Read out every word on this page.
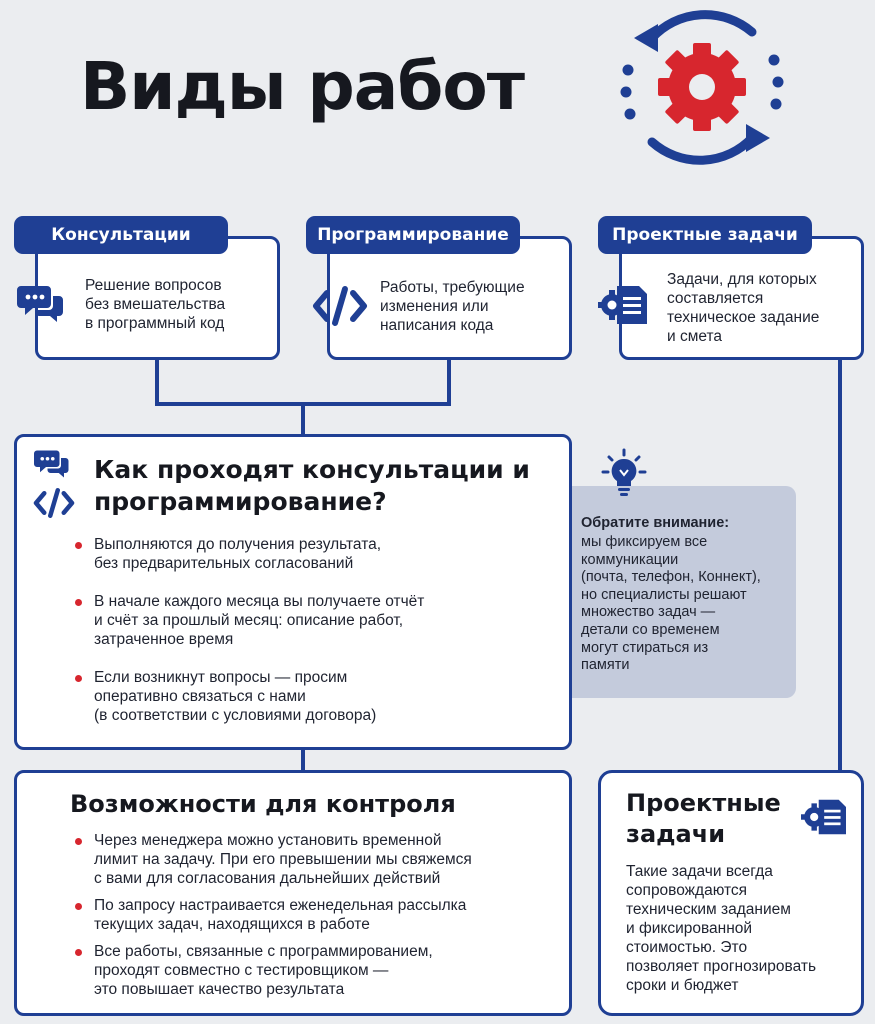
Виды работ
Решение вопросов
без вмешательства
в программный код
Консультации
Работы, требующие
изменения или
написания кода
Программирование
Задачи, для которых
составляется
техническое задание
и смета
Проектные задачи
Обратите внимание:
мы фиксируем все
коммуникации
(почта, телефон, Коннект),
но специалисты решают
множество задач —
детали со временем
могут стираться из
памяти
Как проходят консультации и
программирование?
Выполняются до получения результата,
без предварительных согласований
В начале каждого месяца вы получаете отчёт
и счёт за прошлый месяц: описание работ,
затраченное время
Если возникнут вопросы — просим
оперативно связаться с нами
(в соответствии с условиями договора)
Возможности для контроля
Через менеджера можно установить временной
лимит на задачу. При его превышении мы свяжемся
с вами для согласования дальнейших действий
По запросу настраивается еженедельная рассылка
текущих задач, находящихся в работе
Все работы, связанные с программированием,
проходят совместно с тестировщиком —
это повышает качество результата
Проектные
задачи
Такие задачи всегда
сопровождаются
техническим заданием
и фиксированной
стоимостью. Это
позволяет прогнозировать
сроки и бюджет
